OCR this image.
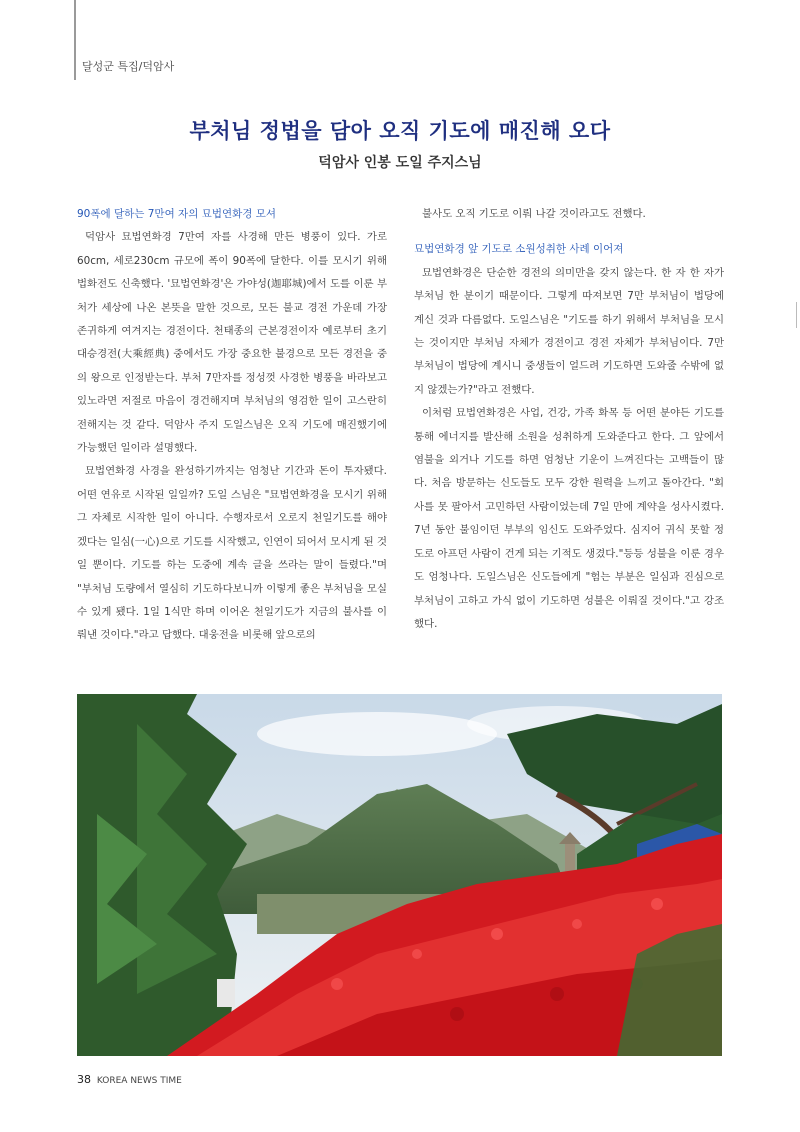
달성군 특집/덕암사
부처님 정법을 담아 오직 기도에 매진해 오다
덕암사 인봉 도일 주지스님
90폭에 달하는 7만여 자의 묘법연화경 모셔

덕암사 묘법연화경 7만여 자를 사경해 만든 병풍이 있다. 가로 60cm, 세로230cm 규모에 폭이 90폭에 달한다. 이를 모시기 위해 법화전도 신축했다. '묘법연화경'은 가야성(迦耶城)에서 도를 이룬 부처가 세상에 나온 본뜻을 말한 것으로, 모든 불교 경전 가운데 가장 존귀하게 여겨지는 경전이다. 천태종의 근본경전이자 예로부터 초기 대승경전(大乘經典) 중에서도 가장 중요한 불경으로 모든 경전을 중의 왕으로 인정받는다. 부처 7만자를 정성껏 사경한 병풍을 바라보고 있노라면 저절로 마음이 경건해지며 부처님의 영검한 일이 고스란히 전해지는 것 같다. 덕암사 주지 도일스님은 오직 기도에 매진했기에 가능했던 일이라 설명했다.

묘법연화경 사경을 완성하기까지는 엄청난 기간과 돈이 투자됐다. 어떤 연유로 시작된 일일까? 도일 스님은 "묘법연화경을 모시기 위해 그 자체로 시작한 일이 아니다. 수행자로서 오로지 천일기도를 해야겠다는 일심(一心)으로 기도를 시작했고, 인연이 되어서 모시게 된 것일 뿐이다. 기도를 하는 도중에 계속 글을 쓰라는 말이 들렸다."며 "부처님 도량에서 열심히 기도하다보니까 이렇게 좋은 부처님을 모실 수 있게 됐다. 1일 1식만 하며 이어온 천일기도가 지금의 불사를 이뤄낸 것이다."라고 답했다. 대웅전을 비롯해 앞으로의

불사도 오직 기도로 이뤄 나갈 것이라고도 전했다.

묘법연화경 앞 기도로 소원성취한 사례 이어져

묘법연화경은 단순한 경전의 의미만을 갖지 않는다. 한 자 한 자가 부처님 한 분이기 때문이다. 그렇게 따져보면 7만 부처님이 법당에 계신 것과 다름없다. 도일스님은 "기도를 하기 위해서 부처님을 모시는 것이지만 부처님 자체가 경전이고 경전 자체가 부처님이다. 7만 부처님이 법당에 계시니 중생들이 얼드려 기도하면 도와줄 수밖에 없지 않겠는가?"라고 전했다.

이처럼 묘법연화경은 사업, 건강, 가족 화목 등 어떤 분야든 기도를 통해 에너지를 발산해 소원을 성취하게 도와준다고 한다. 그 앞에서 염불을 외거나 기도를 하면 엄청난 기운이 느껴진다는 고백들이 많다. 처음 방문하는 신도들도 모두 강한 원력을 느끼고 돌아간다. "회사를 못 팔아서 고민하던 사람이었는데 7일 만에 계약을 성사시켰다. 7년 동안 불임이던 부부의 임신도 도와주었다. 심지어 귀식 못할 정도로 아프던 사람이 건게 되는 기적도 생겼다."등등 성불을 이룬 경우도 엄청나다. 도일스님은 신도들에게 "험는 부분은 일심과 진심으로 부처님이 고하고 가식 없이 기도하면 성불은 이뤄질 것이다."고 강조했다.

38 KOREA NEWS TIME
